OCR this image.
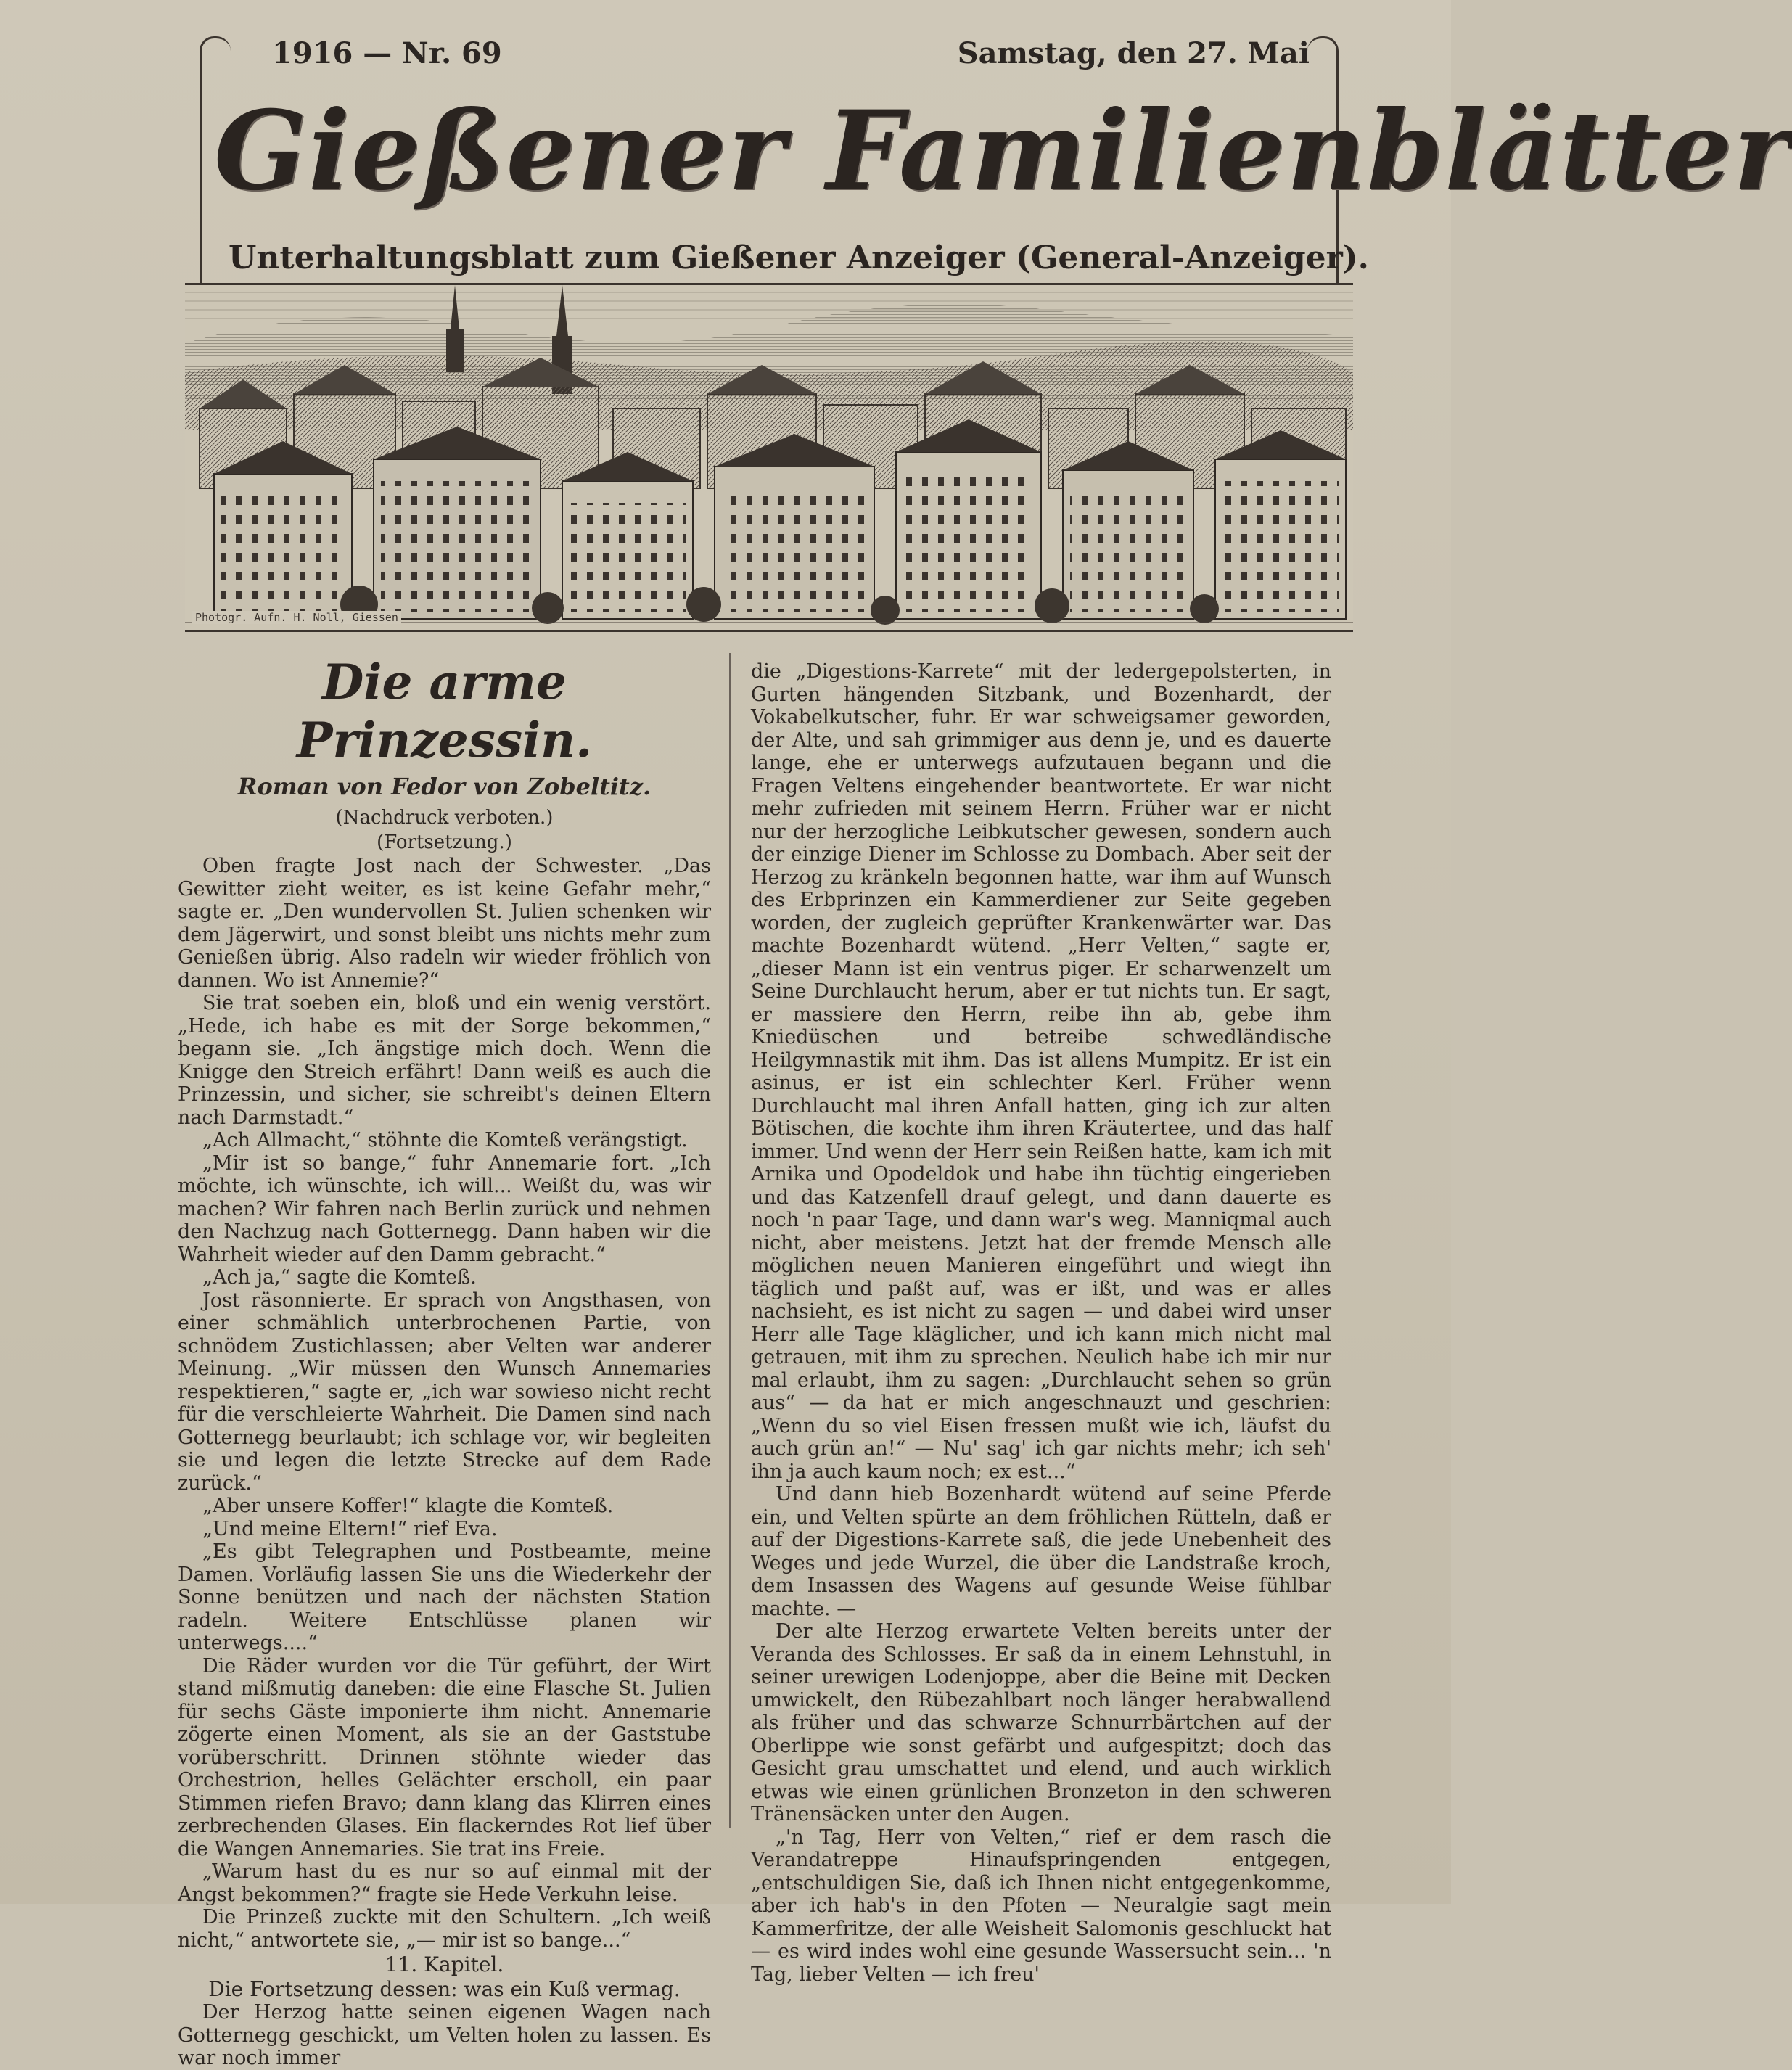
1916 — Nr. 69	Samstag, den 27. Mai
Gießener Familienblätter
Unterhaltungsblatt zum Gießener Anzeiger (General-Anzeiger).
Photogr. Aufn. H. Noll, Giessen
Die arme Prinzessin.
Roman von Fedor von Zobeltitz.
(Nachdruck verboten.)
(Fortsetzung.)

Oben fragte Jost nach der Schwester. „Das Gewitter zieht weiter, es ist keine Gefahr mehr,“ sagte er. „Den wundervollen St. Julien schenken wir dem Jägerwirt, und sonst bleibt uns nichts mehr zum Genießen übrig. Also radeln wir wieder fröhlich von dannen. Wo ist Annemie?“

Sie trat soeben ein, bloß und ein wenig verstört. „Hede, ich habe es mit der Sorge bekommen,“ begann sie. „Ich ängstige mich doch. Wenn die Knigge den Streich erfährt! Dann weiß es auch die Prinzessin, und sicher, sie schreibt's deinen Eltern nach Darmstadt.“

„Ach Allmacht,“ stöhnte die Komteß verängstigt.

„Mir ist so bange,“ fuhr Annemarie fort. „Ich möchte, ich wünschte, ich will... Weißt du, was wir machen? Wir fahren nach Berlin zurück und nehmen den Nachzug nach Gotternegg. Dann haben wir die Wahrheit wieder auf den Damm gebracht.“

„Ach ja,“ sagte die Komteß.

Jost räsonnierte. Er sprach von Angsthasen, von einer schmählich unterbrochenen Partie, von schnödem Zustichlassen; aber Velten war anderer Meinung. „Wir müssen den Wunsch Annemaries respektieren,“ sagte er, „ich war sowieso nicht recht für die verschleierte Wahrheit. Die Damen sind nach Gotternegg beurlaubt; ich schlage vor, wir begleiten sie und legen die letzte Strecke auf dem Rade zurück.“

„Aber unsere Koffer!“ klagte die Komteß.

„Und meine Eltern!“ rief Eva.

„Es gibt Telegraphen und Postbeamte, meine Damen. Vorläufig lassen Sie uns die Wiederkehr der Sonne benützen und nach der nächsten Station radeln. Weitere Entschlüsse planen wir unterwegs....“

Die Räder wurden vor die Tür geführt, der Wirt stand mißmutig daneben: die eine Flasche St. Julien für sechs Gäste imponierte ihm nicht. Annemarie zögerte einen Moment, als sie an der Gaststube vorüberschritt. Drinnen stöhnte wieder das Orchestrion, helles Gelächter erscholl, ein paar Stimmen riefen Bravo; dann klang das Klirren eines zerbrechenden Glases. Ein flackerndes Rot lief über die Wangen Annemaries. Sie trat ins Freie.

„Warum hast du es nur so auf einmal mit der Angst bekommen?“ fragte sie Hede Verkuhn leise.

Die Prinzeß zuckte mit den Schultern. „Ich weiß nicht,“ antwortete sie, „— mir ist so bange...“

11. Kapitel.
Die Fortsetzung dessen: was ein Kuß vermag.

Der Herzog hatte seinen eigenen Wagen nach Gotternegg geschickt, um Velten holen zu lassen. Es war noch immer

die „Digestions-Karrete“ mit der ledergepolsterten, in Gurten hängenden Sitzbank, und Bozenhardt, der Vokabelkutscher, fuhr. Er war schweigsamer geworden, der Alte, und sah grimmiger aus denn je, und es dauerte lange, ehe er unterwegs aufzutauen begann und die Fragen Veltens eingehender beantwortete. Er war nicht mehr zufrieden mit seinem Herrn. Früher war er nicht nur der herzogliche Leibkutscher gewesen, sondern auch der einzige Diener im Schlosse zu Dombach. Aber seit der Herzog zu kränkeln begonnen hatte, war ihm auf Wunsch des Erbprinzen ein Kammerdiener zur Seite gegeben worden, der zugleich geprüfter Krankenwärter war. Das machte Bozenhardt wütend. „Herr Velten,“ sagte er, „dieser Mann ist ein ventrus piger. Er scharwenzelt um Seine Durchlaucht herum, aber er tut nichts tun. Er sagt, er massiere den Herrn, reibe ihn ab, gebe ihm Kniedüschen und betreibe schwedländische Heilgymnastik mit ihm. Das ist allens Mumpitz. Er ist ein asinus, er ist ein schlechter Kerl. Früher wenn Durchlaucht mal ihren Anfall hatten, ging ich zur alten Bötischen, die kochte ihm ihren Kräutertee, und das half immer. Und wenn der Herr sein Reißen hatte, kam ich mit Arnika und Opodeldok und habe ihn tüchtig eingerieben und das Katzenfell drauf gelegt, und dann dauerte es noch 'n paar Tage, und dann war's weg. Manniqmal auch nicht, aber meistens. Jetzt hat der fremde Mensch alle möglichen neuen Manieren eingeführt und wiegt ihn täglich und paßt auf, was er ißt, und was er alles nachsieht, es ist nicht zu sagen — und dabei wird unser Herr alle Tage kläglicher, und ich kann mich nicht mal getrauen, mit ihm zu sprechen. Neulich habe ich mir nur mal erlaubt, ihm zu sagen: „Durchlaucht sehen so grün aus“ — da hat er mich angeschnauzt und geschrien: „Wenn du so viel Eisen fressen mußt wie ich, läufst du auch grün an!“ — Nu' sag' ich gar nichts mehr; ich seh' ihn ja auch kaum noch; ex est...“

Und dann hieb Bozenhardt wütend auf seine Pferde ein, und Velten spürte an dem fröhlichen Rütteln, daß er auf der Digestions-Karrete saß, die jede Unebenheit des Weges und jede Wurzel, die über die Landstraße kroch, dem Insassen des Wagens auf gesunde Weise fühlbar machte. —

Der alte Herzog erwartete Velten bereits unter der Veranda des Schlosses. Er saß da in einem Lehnstuhl, in seiner urewigen Lodenjoppe, aber die Beine mit Decken umwickelt, den Rübezahlbart noch länger herabwallend als früher und das schwarze Schnurrbärtchen auf der Oberlippe wie sonst gefärbt und aufgespitzt; doch das Gesicht grau umschattet und elend, und auch wirklich etwas wie einen grünlichen Bronzeton in den schweren Tränensäcken unter den Augen.

„'n Tag, Herr von Velten,“ rief er dem rasch die Verandatreppe Hinaufspringenden entgegen, „entschuldigen Sie, daß ich Ihnen nicht entgegenkomme, aber ich hab's in den Pfoten — Neuralgie sagt mein Kammerfritze, der alle Weisheit Salomonis geschluckt hat — es wird indes wohl eine gesunde Wassersucht sein... 'n Tag, lieber Velten — ich freu'
